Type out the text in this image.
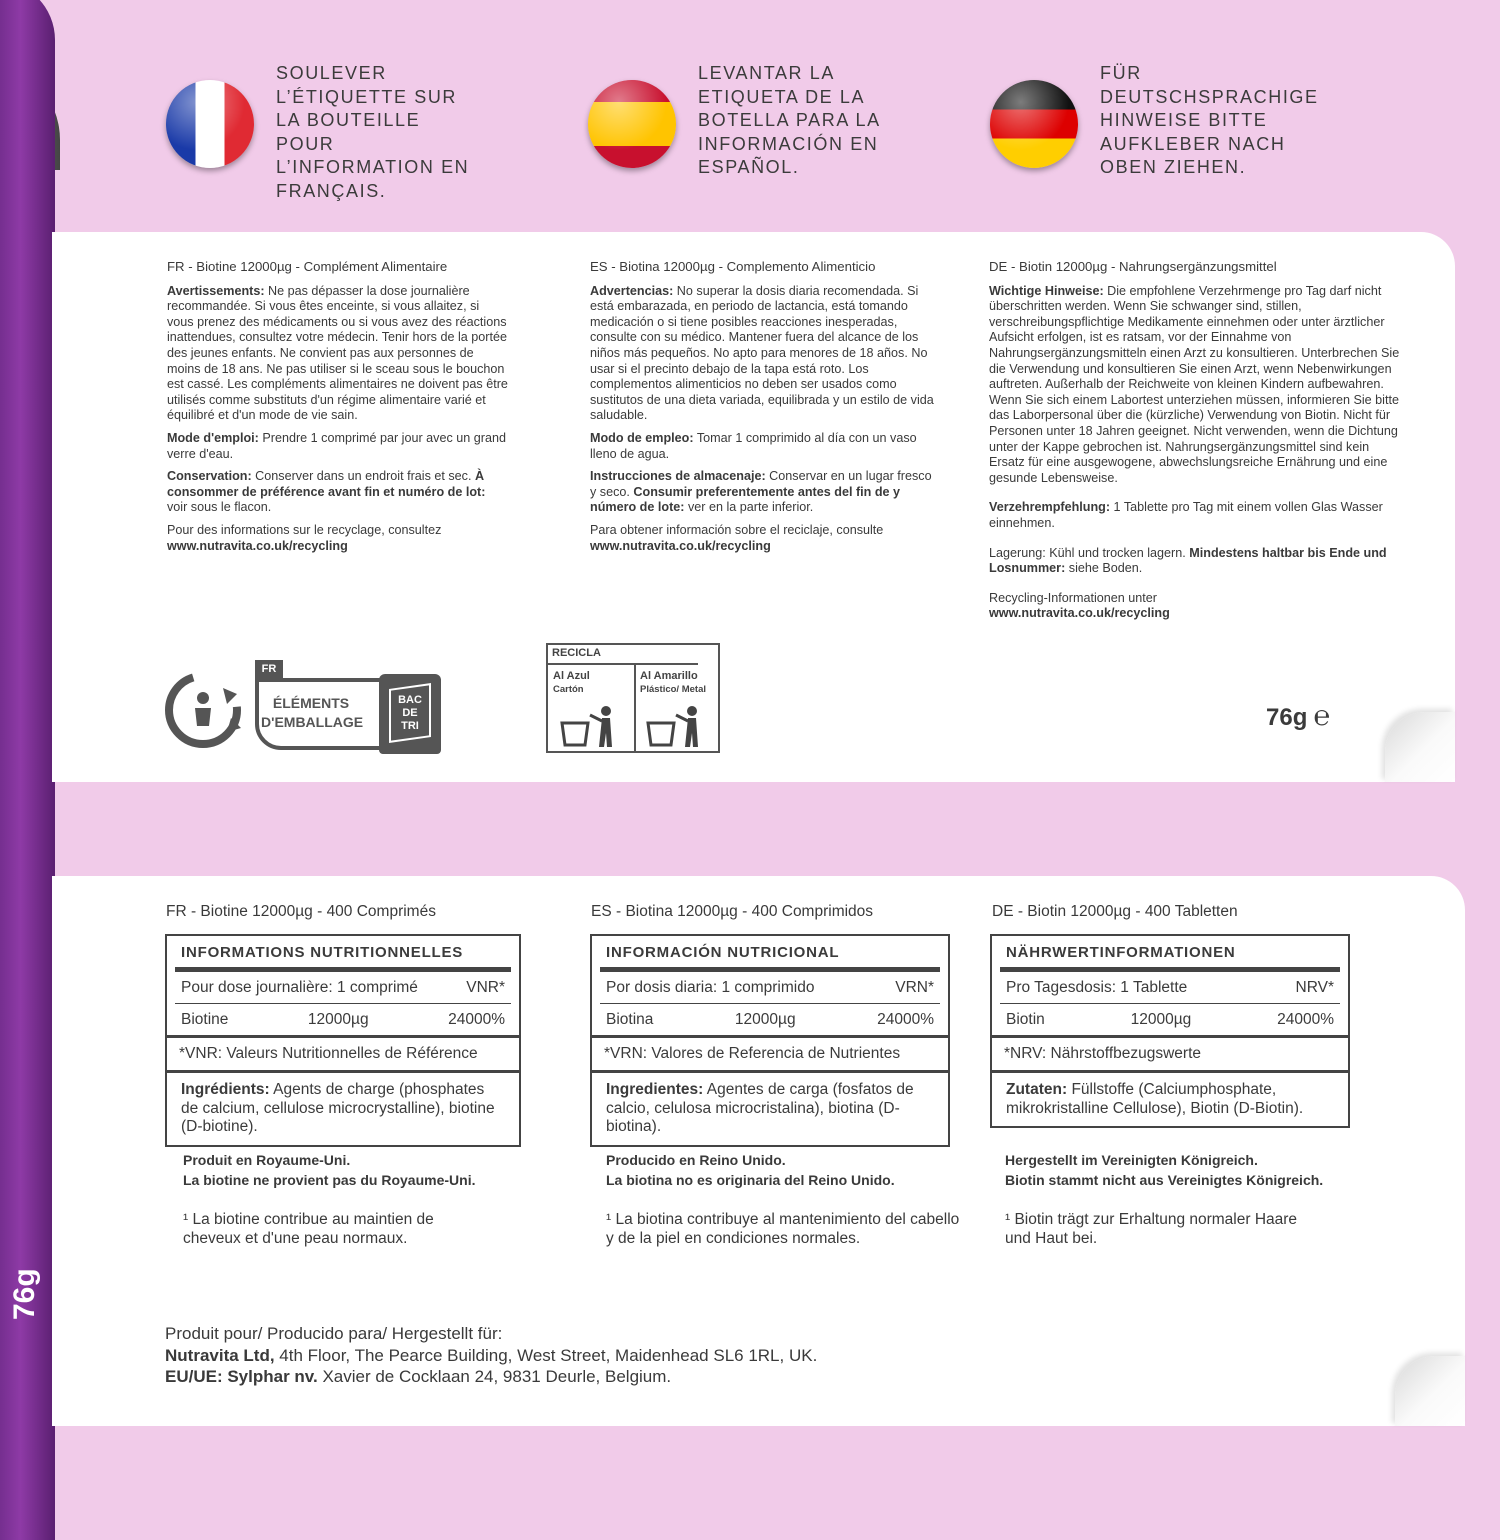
76g
SOULEVER L’ÉTIQUETTE SUR LA BOUTEILLE POUR L’INFORMATION EN FRANÇAIS.
LEVANTAR LA ETIQUETA DE LA BOTELLA PARA LA INFORMACIÓN EN ESPAÑOL.
FÜR DEUTSCHSPRACHIGE HINWEISE BITTE AUFKLEBER NACH OBEN ZIEHEN.

FR - Biotine 12000µg - Complément Alimentaire

Avertissements: Ne pas dépasser la dose journalière recommandée. Si vous êtes enceinte, si vous allaitez, si vous prenez des médicaments ou si vous avez des réactions inattendues, consultez votre médecin. Tenir hors de la portée des jeunes enfants. Ne convient pas aux personnes de moins de 18 ans. Ne pas utiliser si le sceau sous le bouchon est cassé. Les compléments alimentaires ne doivent pas être utilisés comme substituts d'un régime alimentaire varié et équilibré et d'un mode de vie sain.

Mode d'emploi: Prendre 1 comprimé par jour avec un grand verre d'eau.

Conservation: Conserver dans un endroit frais et sec. À consommer de préférence avant fin et numéro de lot: voir sous le flacon.

Pour des informations sur le recyclage, consultez
www.nutravita.co.uk/recycling

ES - Biotina 12000µg - Complemento Alimenticio

Advertencias: No superar la dosis diaria recomendada. Si está embarazada, en periodo de lactancia, está tomando medicación o si tiene posibles reacciones inesperadas, consulte con su médico. Mantener fuera del alcance de los niños más pequeños. No apto para menores de 18 años. No usar si el precinto debajo de la tapa está roto. Los complementos alimenticios no deben ser usados como sustitutos de una dieta variada, equilibrada y un estilo de vida saludable.

Modo de empleo: Tomar 1 comprimido al día con un vaso lleno de agua.

Instrucciones de almacenaje: Conservar en un lugar fresco y seco. Consumir preferentemente antes del fin de y número de lote: ver en la parte inferior.

Para obtener información sobre el reciclaje, consulte
www.nutravita.co.uk/recycling

DE - Biotin 12000µg - Nahrungsergänzungsmittel

Wichtige Hinweise: Die empfohlene Verzehrmenge pro Tag darf nicht überschritten werden. Wenn Sie schwanger sind, stillen, verschreibungspflichtige Medikamente einnehmen oder unter ärztlicher Aufsicht erfolgen, ist es ratsam, vor der Einnahme von Nahrungsergänzungsmitteln einen Arzt zu konsultieren. Unterbrechen Sie die Verwendung und konsultieren Sie einen Arzt, wenn Nebenwirkungen auftreten. Außerhalb der Reichweite von kleinen Kindern aufbewahren. Wenn Sie sich einem Labortest unterziehen müssen, informieren Sie bitte das Laborpersonal über die (kürzliche) Verwendung von Biotin. Nicht für Personen unter 18 Jahren geeignet. Nicht verwenden, wenn die Dichtung unter der Kappe gebrochen ist. Nahrungsergänzungsmittel sind kein Ersatz für eine ausgewogene, abwechslungsreiche Ernährung und eine gesunde Lebensweise.

Verzehrempfehlung: 1 Tablette pro Tag mit einem vollen Glas Wasser einnehmen.

Lagerung: Kühl und trocken lagern. Mindestens haltbar bis Ende und Losnummer: siehe Boden.

Recycling-Informationen unter
www.nutravita.co.uk/recycling

FR
ÉLÉMENTS
D'EMBALLAGE
BAC
DE
TRI
RECICLA
Al Azul
Cartón
Al Amarillo
Plástico/ Metal
76g ℮
FR - Biotine 12000µg - 400 Comprimés
INFORMATIONS NUTRITIONNELLES
Pour dose journalière: 1 comprimé	VNR*
Biotine	12000µg	24000%
*VNR: Valeurs Nutritionnelles de Référence
Ingrédients: Agents de charge (phosphates de calcium, cellulose microcrystalline), biotine (D-biotine).
Produit en Royaume-Uni.
La biotine ne provient pas du Royaume-Uni.
¹ La biotine contribue au maintien de cheveux et d'une peau normaux.
ES - Biotina 12000µg - 400 Comprimidos
INFORMACIÓN NUTRICIONAL
Por dosis diaria: 1 comprimido	VRN*
Biotina	12000µg	24000%
*VRN: Valores de Referencia de Nutrientes
Ingredientes: Agentes de carga (fosfatos de calcio, celulosa microcristalina), biotina (D-biotina).
Producido en Reino Unido.
La biotina no es originaria del Reino Unido.
¹ La biotina contribuye al mantenimiento del cabello y de la piel en condiciones normales.
DE - Biotin 12000µg - 400 Tabletten
NÄHRWERTINFORMATIONEN
Pro Tagesdosis: 1 Tablette	NRV*
Biotin	12000µg	24000%
*NRV: Nährstoffbezugswerte
Zutaten: Füllstoffe (Calciumphosphate, mikrokristalline Cellulose), Biotin (D-Biotin).
Hergestellt im Vereinigten Königreich.
Biotin stammt nicht aus Vereinigtes Königreich.
¹ Biotin trägt zur Erhaltung normaler Haare und Haut bei.
Produit pour/ Producido para/ Hergestellt für:
Nutravita Ltd, 4th Floor, The Pearce Building, West Street, Maidenhead SL6 1RL, UK.
EU/UE: Sylphar nv. Xavier de Cocklaan 24, 9831 Deurle, Belgium.
